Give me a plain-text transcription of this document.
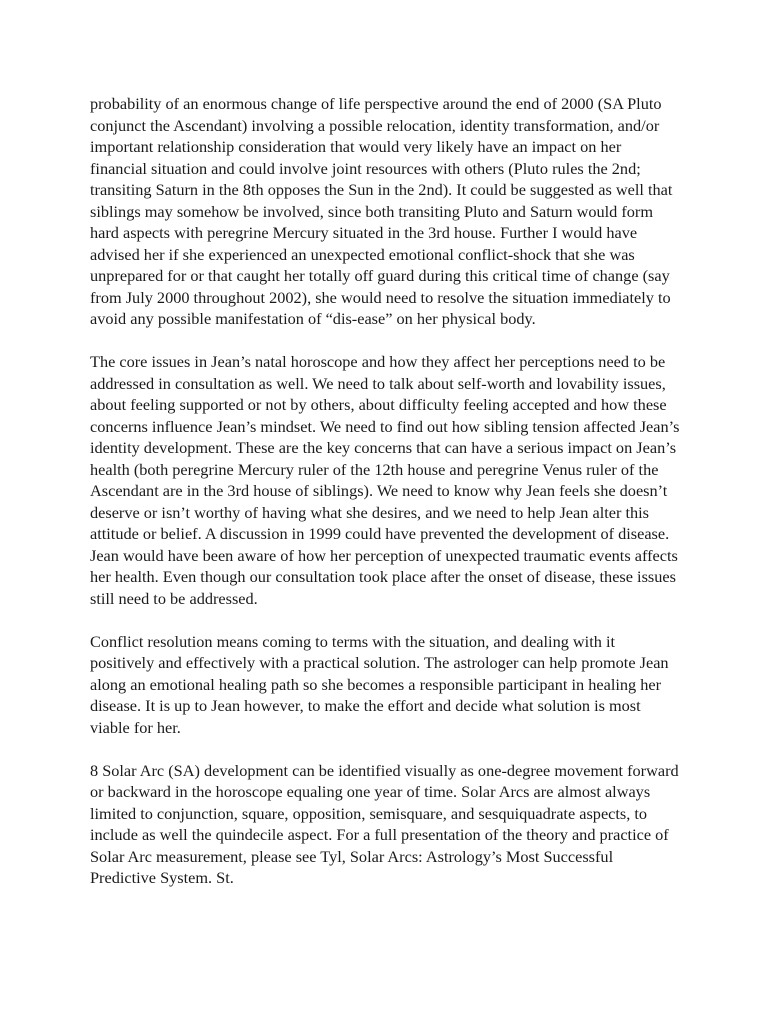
probability of an enormous change of life perspective around the end of 2000 (SA Pluto conjunct the Ascendant) involving a possible relocation, identity transformation, and/or important relationship consideration that would very likely have an impact on her financial situation and could involve joint resources with others (Pluto rules the 2nd; transiting Saturn in the 8th opposes the Sun in the 2nd). It could be suggested as well that siblings may somehow be involved, since both transiting Pluto and Saturn would form hard aspects with peregrine Mercury situated in the 3rd house. Further I would have advised her if she experienced an unexpected emotional conflict-shock that she was unprepared for or that caught her totally off guard during this critical time of change (say from July 2000 throughout 2002), she would need to resolve the situation immediately to avoid any possible manifestation of “dis-ease” on her physical body.

The core issues in Jean’s natal horoscope and how they affect her perceptions need to be addressed in consultation as well. We need to talk about self-worth and lovability issues, about feeling supported or not by others, about difficulty feeling accepted and how these concerns influence Jean’s mindset. We need to find out how sibling tension affected Jean’s identity development. These are the key concerns that can have a serious impact on Jean’s health (both peregrine Mercury ruler of the 12th house and peregrine Venus ruler of the Ascendant are in the 3rd house of siblings). We need to know why Jean feels she doesn’t deserve or isn’t worthy of having what she desires, and we need to help Jean alter this attitude or belief. A discussion in 1999 could have prevented the development of disease. Jean would have been aware of how her perception of unexpected traumatic events affects her health. Even though our consultation took place after the onset of disease, these issues still need to be addressed.

Conflict resolution means coming to terms with the situation, and dealing with it positively and effectively with a practical solution. The astrologer can help promote Jean along an emotional healing path so she becomes a responsible participant in healing her disease. It is up to Jean however, to make the effort and decide what solution is most viable for her.

8 Solar Arc (SA) development can be identified visually as one-degree movement forward or backward in the horoscope equaling one year of time. Solar Arcs are almost always limited to conjunction, square, opposition, semisquare, and sesquiquadrate aspects, to include as well the quindecile aspect. For a full presentation of the theory and practice of Solar Arc measurement, please see Tyl, Solar Arcs: Astrology’s Most Successful Predictive System. St.
